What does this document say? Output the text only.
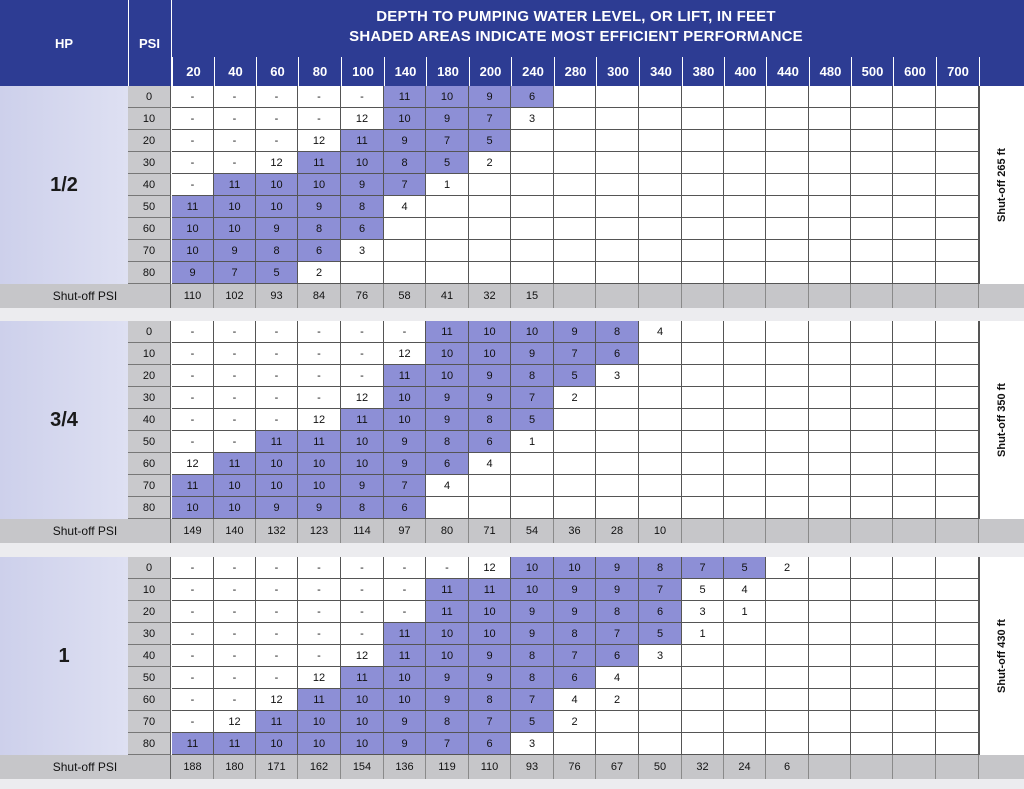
HP	PSI
DEPTH TO PUMPING WATER LEVEL, OR LIFT, IN FEET
SHADED AREAS INDICATE MOST EFFICIENT PERFORMANCE
20	40	60	80	100	140	180	200	240	280	300	340	380	400	440	480	500	600	700
1/2
0	-	-	-	-	-	11	10	9	6
10	-	-	-	-	12	10	9	7	3
20	-	-	-	12	11	9	7	5
30	-	-	12	11	10	8	5	2
40	-	11	10	10	9	7	1
50	11	10	10	9	8	4
60	10	10	9	8	6
70	10	9	8	6	3
80	9	7	5	2
Shut-off 265 ft
Shut-off PSI	110	102	93	84	76	58	41	32	15
3/4
0	-	-	-	-	-	-	11	10	10	9	8	4
10	-	-	-	-	-	12	10	10	9	7	6
20	-	-	-	-	-	11	10	9	8	5	3
30	-	-	-	-	12	10	9	9	7	2
40	-	-	-	12	11	10	9	8	5
50	-	-	11	11	10	9	8	6	1
60	12	11	10	10	10	9	6	4
70	11	10	10	10	9	7	4
80	10	10	9	9	8	6
Shut-off 350 ft
Shut-off PSI	149	140	132	123	114	97	80	71	54	36	28	10
1
0	-	-	-	-	-	-	-	12	10	10	9	8	7	5	2
10	-	-	-	-	-	-	11	11	10	9	9	7	5	4
20	-	-	-	-	-	-	11	10	9	9	8	6	3	1
30	-	-	-	-	-	11	10	10	9	8	7	5	1
40	-	-	-	-	12	11	10	9	8	7	6	3
50	-	-	-	12	11	10	9	9	8	6	4
60	-	-	12	11	10	10	9	8	7	4	2
70	-	12	11	10	10	9	8	7	5	2
80	11	11	10	10	10	9	7	6	3
Shut-off 430 ft
Shut-off PSI	188	180	171	162	154	136	119	110	93	76	67	50	32	24	6
